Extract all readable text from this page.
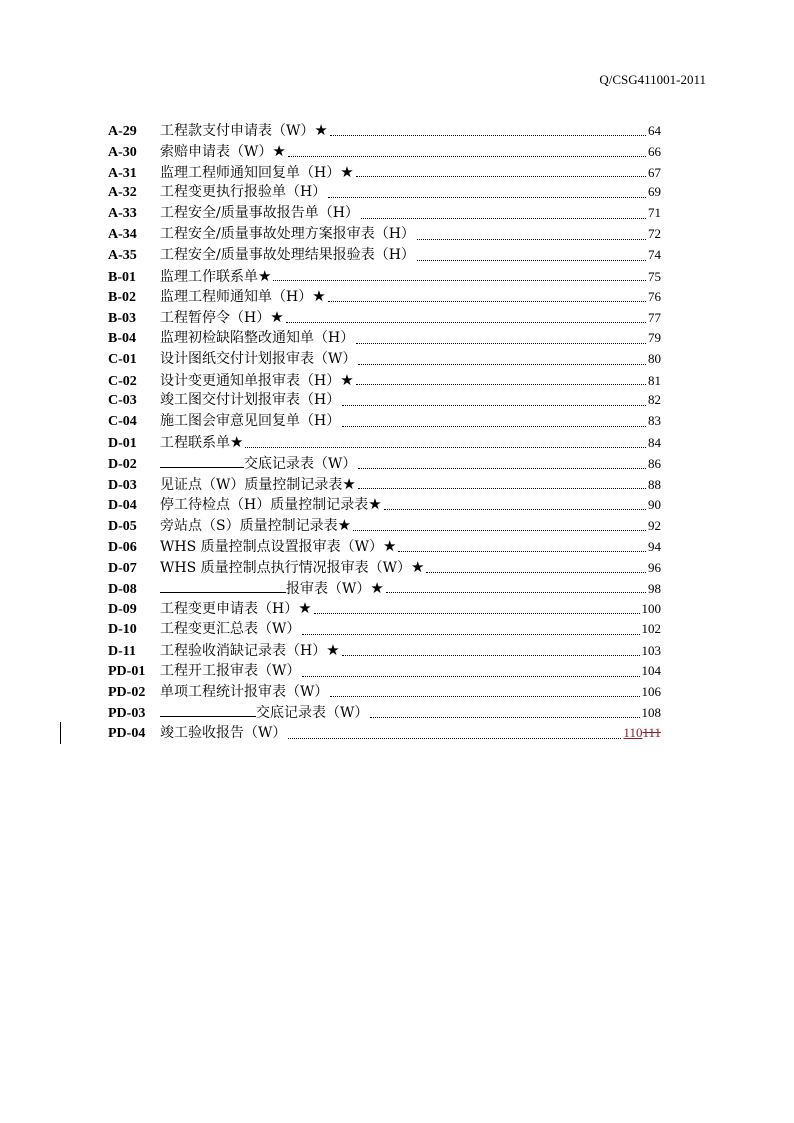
Q/CSG411001-2011
A-29	工程款支付申请表（W）★	64
A-30	索赔申请表（W）★	66
A-31	监理工程师通知回复单（H）★	67
A-32	工程变更执行报验单（H）	69
A-33	工程安全/质量事故报告单（H）	71
A-34	工程安全/质量事故处理方案报审表（H）	72
A-35	工程安全/质量事故处理结果报验表（H）	74
B-01	监理工作联系单★	75
B-02	监理工程师通知单（H）★	76
B-03	工程暂停令（H）★	77
B-04	监理初检缺陷整改通知单（H）	79
C-01	设计图纸交付计划报审表（W）	80
C-02	设计变更通知单报审表（H）★	81
C-03	竣工图交付计划报审表（H）	82
C-04	施工图会审意见回复单（H）	83
D-01	工程联系单★	84
D-02	交底记录表（W）	86
D-03	见证点（W）质量控制记录表★	88
D-04	停工待检点（H）质量控制记录表★	90
D-05	旁站点（S）质量控制记录表★	92
D-06	WHS 质量控制点设置报审表（W）★	94
D-07	WHS 质量控制点执行情况报审表（W）★	96
D-08	报审表（W）★	98
D-09	工程变更申请表（H）★	100
D-10	工程变更汇总表（W）	102
D-11	工程验收消缺记录表（H）★	103
PD-01	工程开工报审表（W）	104
PD-02	单项工程统计报审表（W）	106
PD-03	交底记录表（W）	108
PD-04	竣工验收报告（W）	110111
